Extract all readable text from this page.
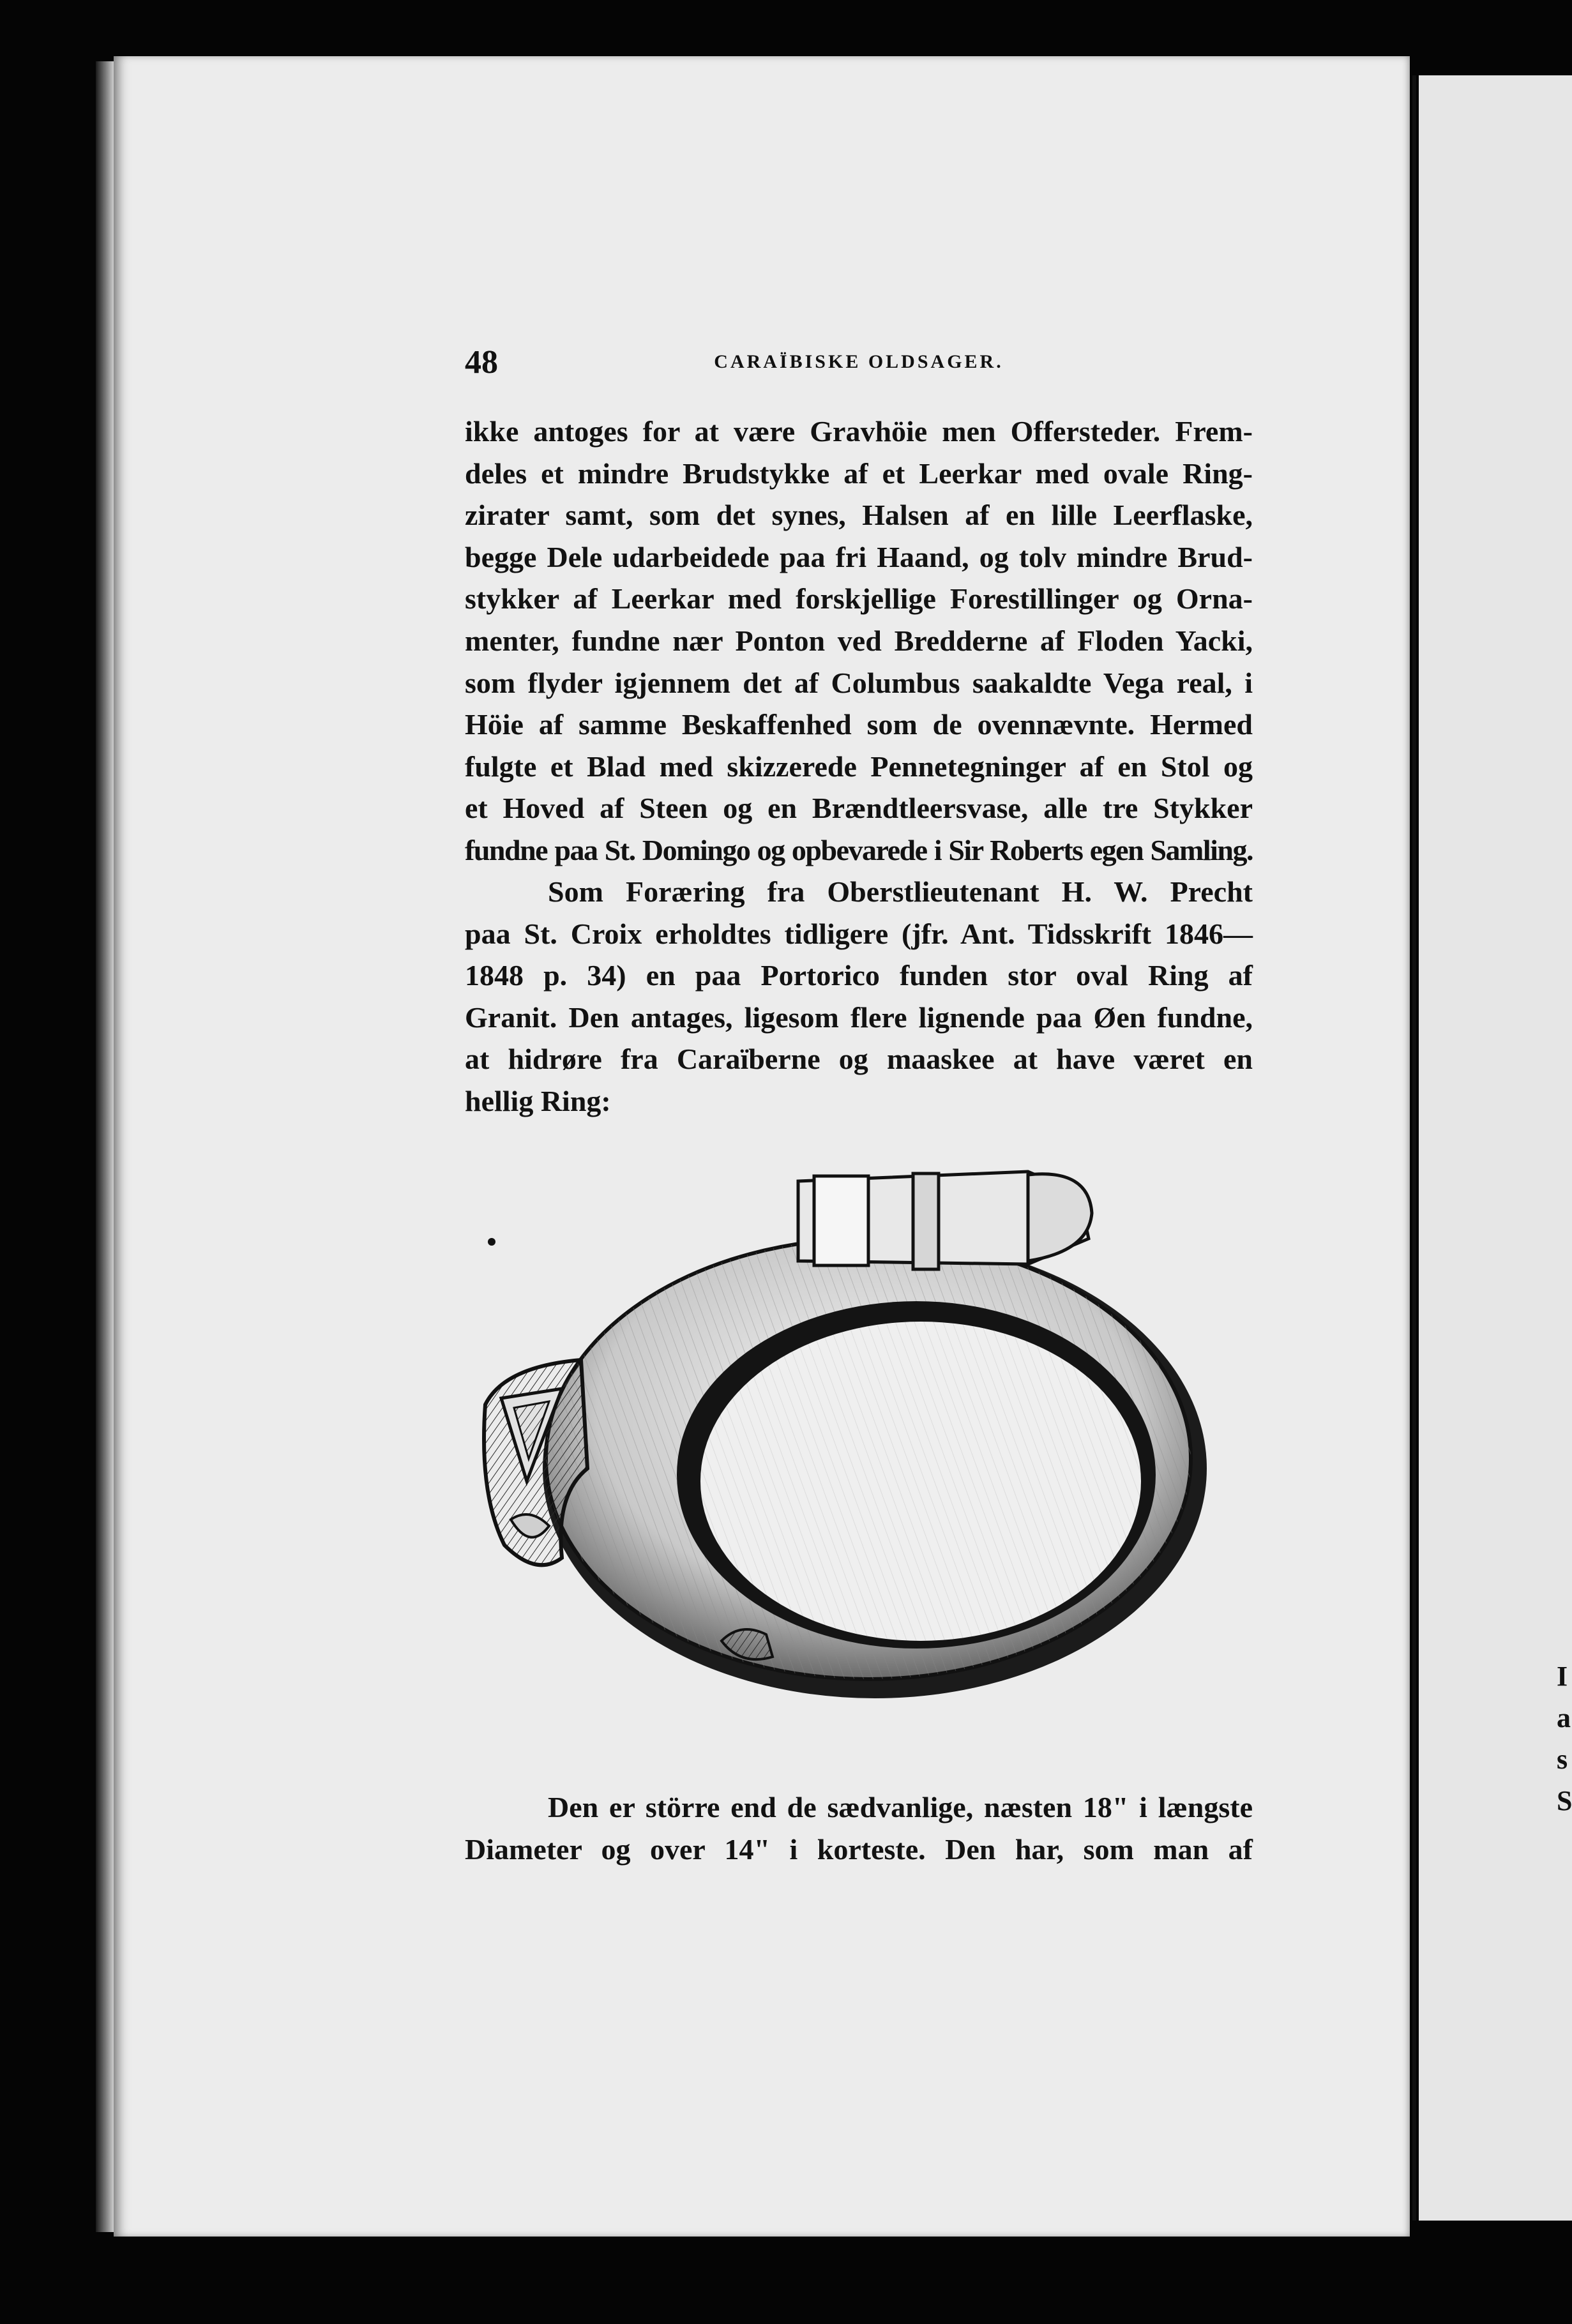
I
a
s
S
48	CARAÏBISKE OLDSAGER.
ikke antoges for at være Gravhöie men Offersteder. Frem-
deles et mindre Brudstykke af et Leerkar med ovale Ring-
zirater samt, som det synes, Halsen af en lille Leerflaske,
begge Dele udarbeidede paa fri Haand, og tolv mindre Brud-
stykker af Leerkar med forskjellige Forestillinger og Orna-
menter, fundne nær Ponton ved Bredderne af Floden Yacki,
som flyder igjennem det af Columbus saakaldte Vega real, i
Höie af samme Beskaffenhed som de ovennævnte. Hermed
fulgte et Blad med skizzerede Pennetegninger af en Stol og
et Hoved af Steen og en Brændtleersvase, alle tre Stykker
fundne paa St. Domingo og opbevarede i Sir Roberts egen Samling.
Som Foræring fra Oberstlieutenant H. W. Precht
paa St. Croix erholdtes tidligere (jfr. Ant. Tidsskrift 1846—
1848 p. 34) en paa Portorico funden stor oval Ring af
Granit. Den antages, ligesom flere lignende paa Øen fundne,
at hidrøre fra Caraïberne og maaskee at have været en
hellig Ring:
Den er större end de sædvanlige, næsten 18" i længste
Diameter og over 14" i korteste. Den har, som man af
